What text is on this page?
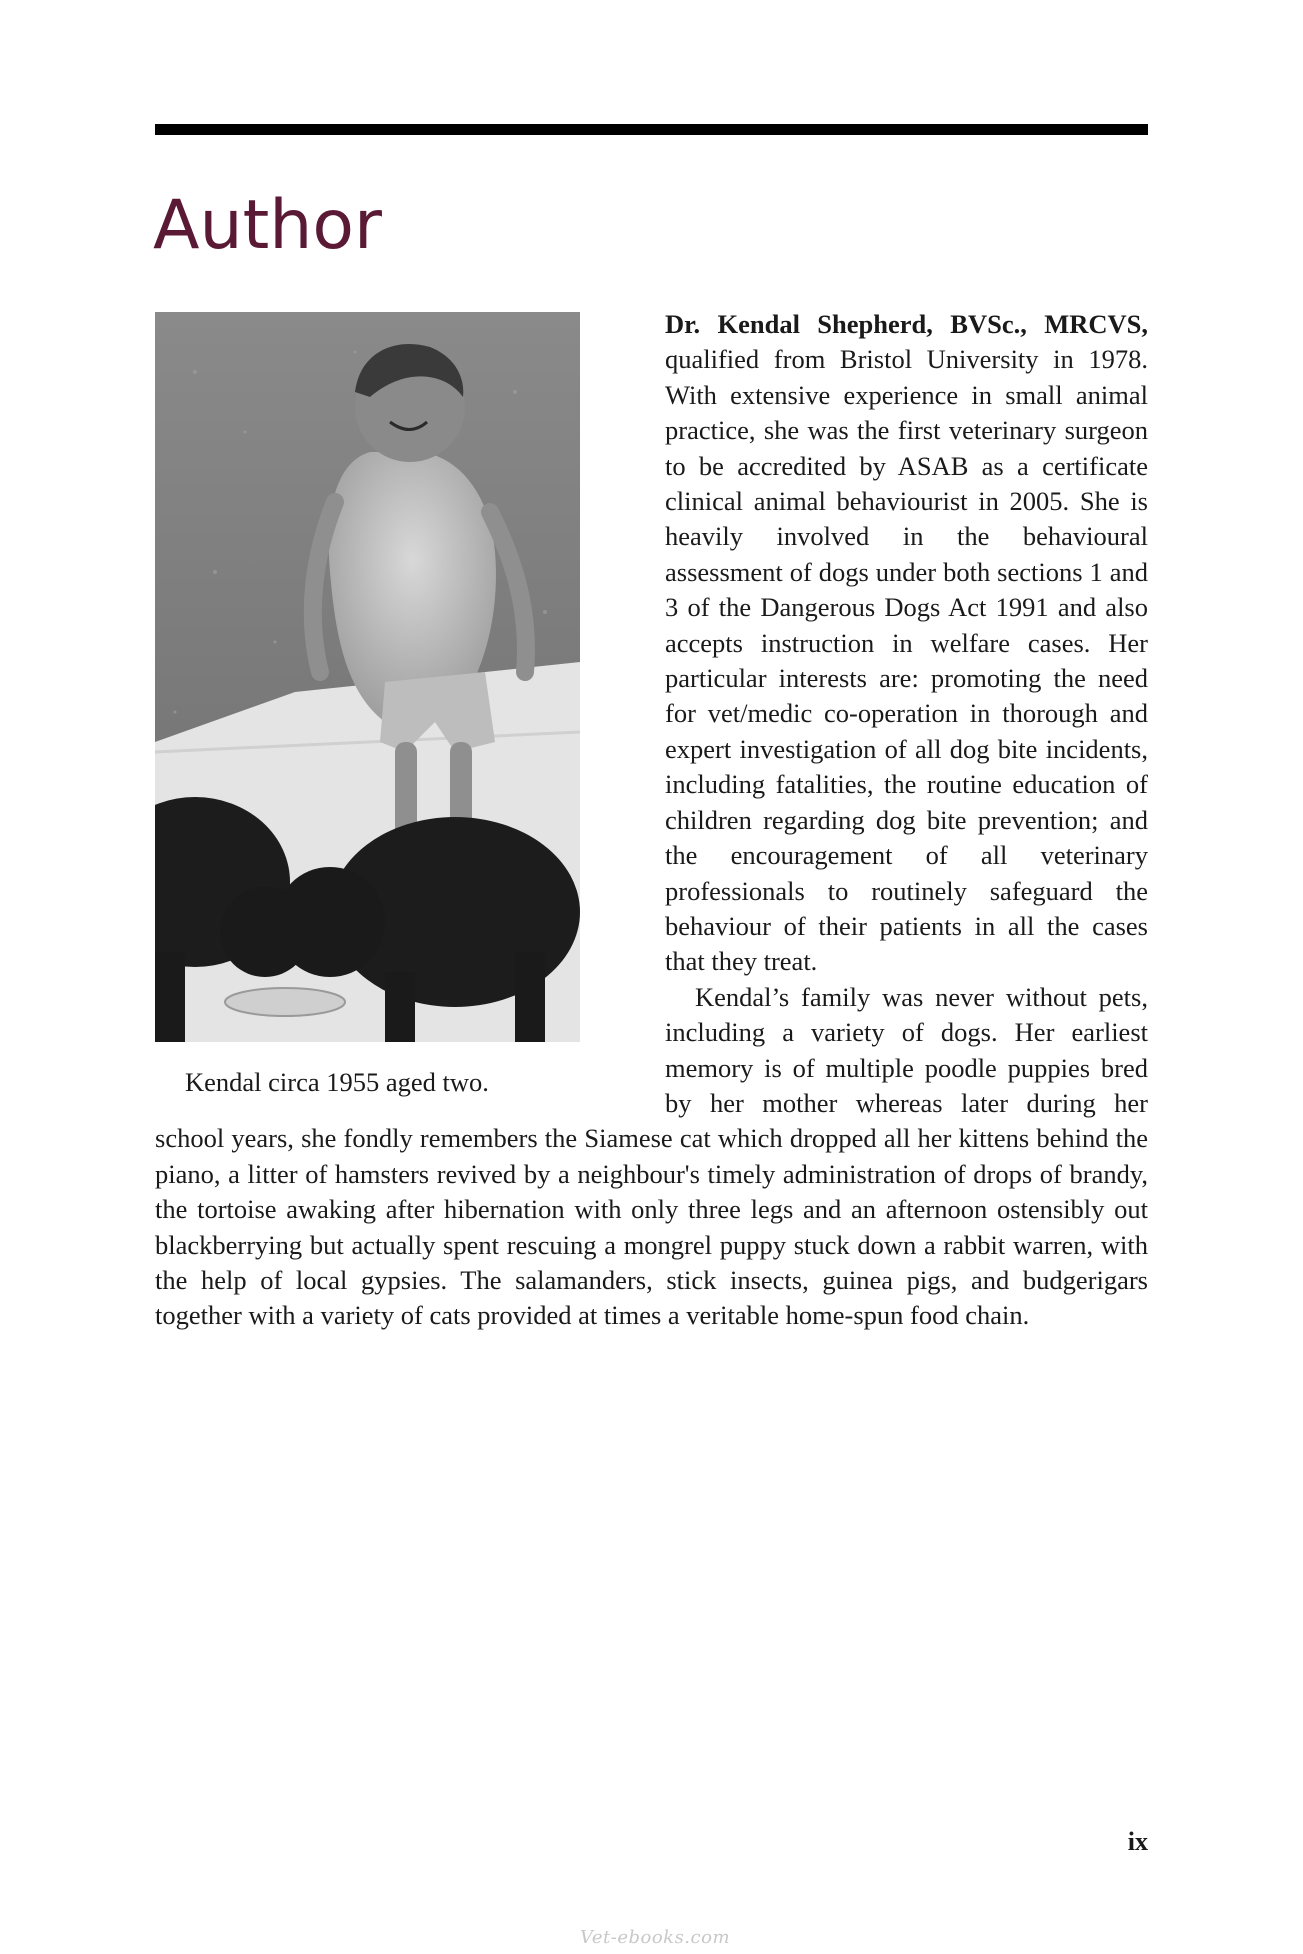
Author
Kendal circa 1955 aged two.

Dr. Kendal Shepherd, BVSc., MRCVS, qualified from Bristol University in 1978. With extensive experience in small animal practice, she was the first veterinary surgeon to be accredited by ASAB as a certificate clinical animal behaviourist in 2005. She is heavily involved in the behavioural assessment of dogs under both sections 1 and 3 of the Dangerous Dogs Act 1991 and also accepts instruction in welfare cases. Her particular interests are: promoting the need for vet/medic co-operation in thorough and expert investigation of all dog bite incidents, including fatalities, the routine education of children regarding dog bite prevention; and the encouragement of all veterinary professionals to routinely safeguard the behaviour of their patients in all the cases that they treat.

Kendal’s family was never without pets, including a variety of dogs. Her earliest memory is of multiple poodle puppies bred by her mother whereas later during her school years, she fondly remembers the Siamese cat which dropped all her kittens behind the piano, a litter of hamsters revived by a neighbour's timely administration of drops of brandy, the tortoise awaking after hibernation with only three legs and an afternoon ostensibly out blackberrying but actually spent rescuing a mongrel puppy stuck down a rabbit warren, with the help of local gypsies. The salamanders, stick insects, guinea pigs, and budgerigars together with a variety of cats provided at times a veritable home-spun food chain.

ix
Vet-ebooks.com
